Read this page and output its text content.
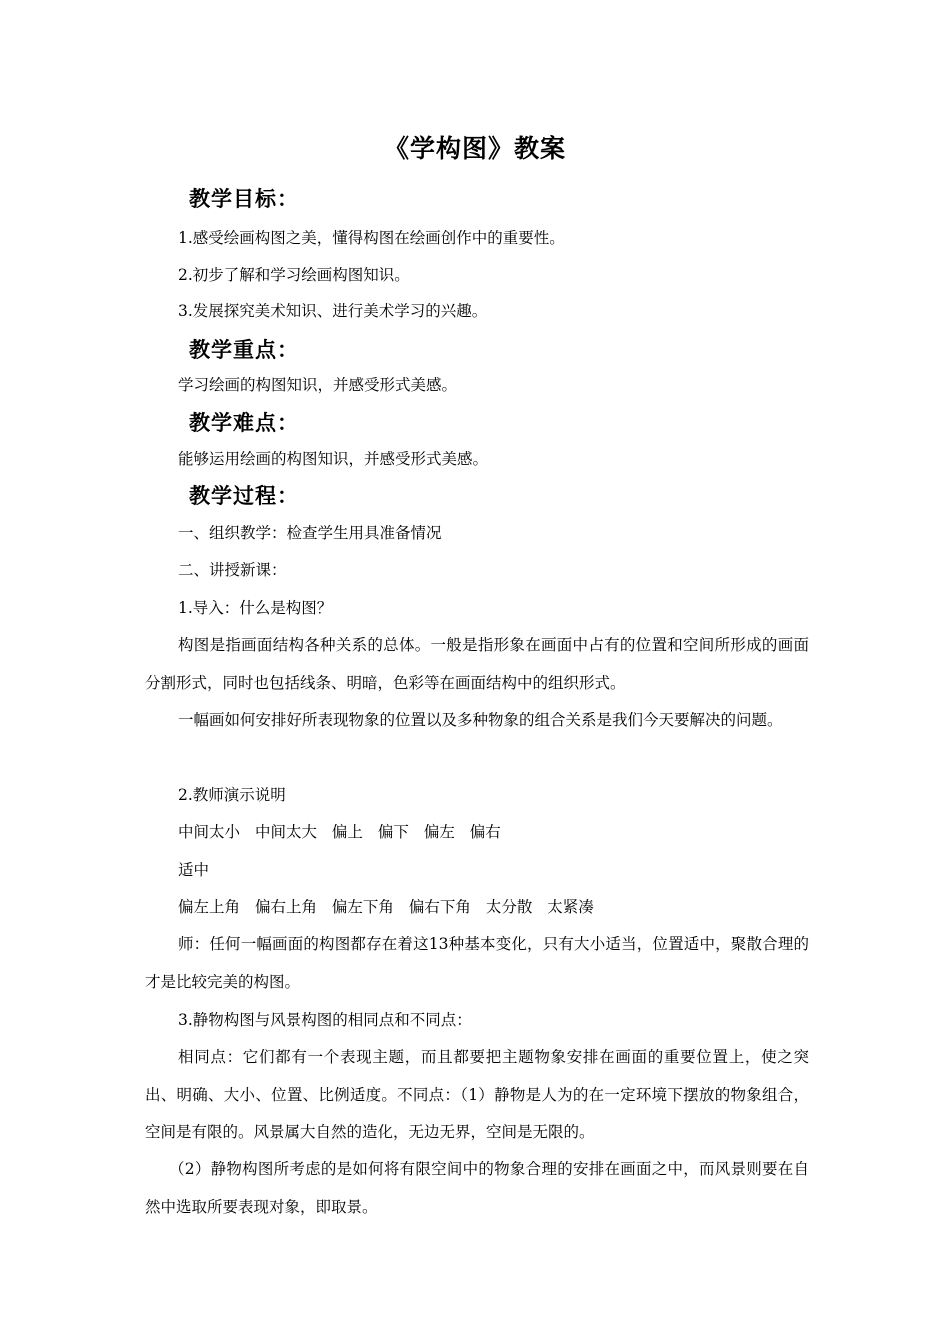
《学构图》教案
教学目标：
1.感受绘画构图之美，懂得构图在绘画创作中的重要性。
2.初步了解和学习绘画构图知识。
3.发展探究美术知识、进行美术学习的兴趣。
教学重点：
学习绘画的构图知识，并感受形式美感。
教学难点：
能够运用绘画的构图知识，并感受形式美感。
教学过程：
一、组织教学：检查学生用具准备情况
二、讲授新课：
1.导入：什么是构图？
构图是指画面结构各种关系的总体。一般是指形象在画面中占有的位置和空间所形成的画面分割形式，同时也包括线条、明暗，色彩等在画面结构中的组织形式。
一幅画如何安排好所表现物象的位置以及多种物象的组合关系是我们今天要解决的问题。
2.教师演示说明
中间太小 中间太大 偏上 偏下 偏左 偏右
适中
偏左上角 偏右上角 偏左下角 偏右下角 太分散 太紧凑
师：任何一幅画面的构图都存在着这13种基本变化，只有大小适当，位置适中，聚散合理的才是比较完美的构图。
3.静物构图与风景构图的相同点和不同点：
相同点：它们都有一个表现主题，而且都要把主题物象安排在画面的重要位置上，使之突出、明确、大小、位置、比例适度。不同点：（1）静物是人为的在一定环境下摆放的物象组合，空间是有限的。风景属大自然的造化，无边无界，空间是无限的。
（2）静物构图所考虑的是如何将有限空间中的物象合理的安排在画面之中，而风景则要在自然中选取所要表现对象，即取景。
